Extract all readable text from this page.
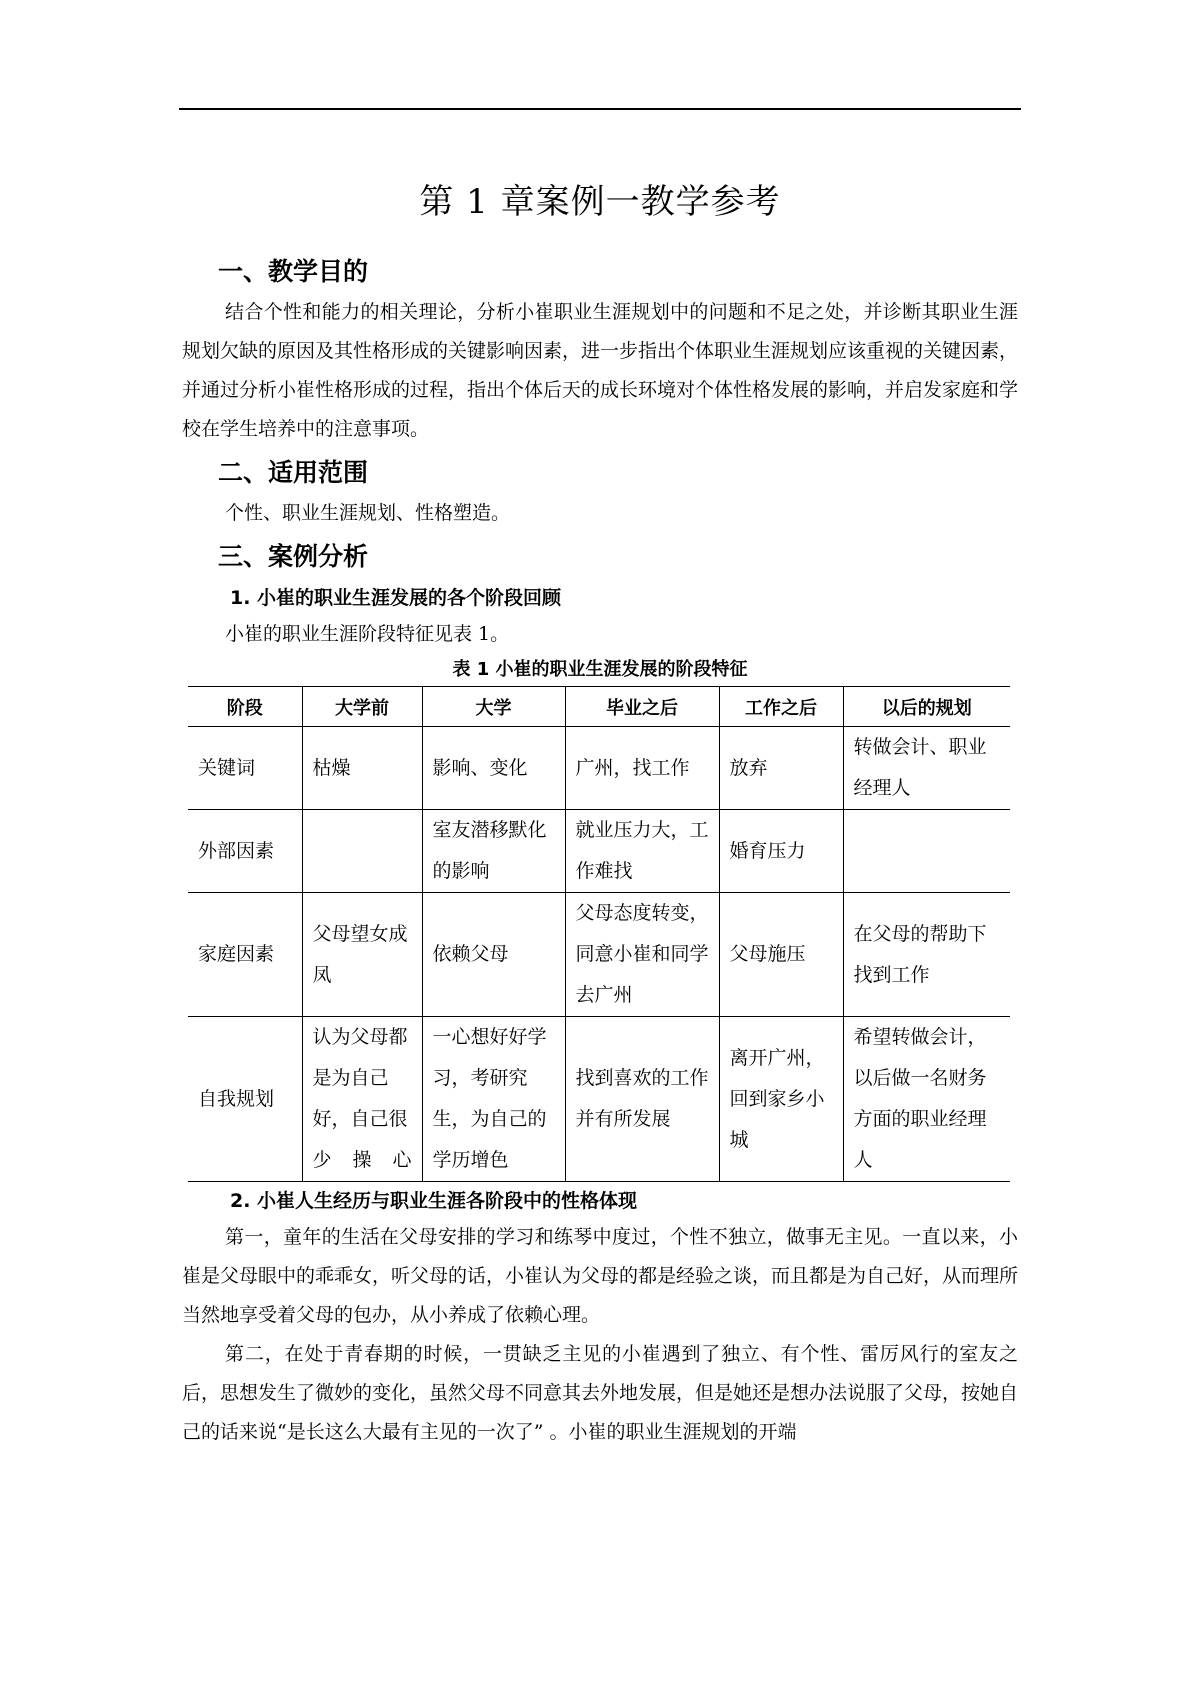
第 1 章案例一教学参考
一、教学目的

结合个性和能力的相关理论，分析小崔职业生涯规划中的问题和不足之处，并诊断其职业生涯规划欠缺的原因及其性格形成的关键影响因素，进一步指出个体职业生涯规划应该重视的关键因素，并通过分析小崔性格形成的过程，指出个体后天的成长环境对个体性格发展的影响，并启发家庭和学校在学生培养中的注意事项。

二、适用范围

个性、职业生涯规划、性格塑造。

三、案例分析
1. 小崔的职业生涯发展的各个阶段回顾

小崔的职业生涯阶段特征见表 1。

表 1 小崔的职业生涯发展的阶段特征
阶段	大学前	大学	毕业之后	工作之后	以后的规划
关键词	枯燥	影响、变化	广州，找工作	放弃	转做会计、职业经理人
外部因素		室友潜移默化的影响	就业压力大，工作难找	婚育压力	
家庭因素	父母望女成凤	依赖父母	父母态度转变，同意小崔和同学去广州	父母施压	在父母的帮助下找到工作
自我规划	认为父母都是为自己好，自己很少操心	一心想好好学习，考研究生，为自己的学历增色	找到喜欢的工作并有所发展	离开广州，回到家乡小城	希望转做会计，以后做一名财务方面的职业经理人
2. 小崔人生经历与职业生涯各阶段中的性格体现

第一，童年的生活在父母安排的学习和练琴中度过，个性不独立，做事无主见。一直以来，小崔是父母眼中的乖乖女，听父母的话，小崔认为父母的都是经验之谈，而且都是为自己好，从而理所当然地享受着父母的包办，从小养成了依赖心理。

第二，在处于青春期的时候，一贯缺乏主见的小崔遇到了独立、有个性、雷厉风行的室友之后，思想发生了微妙的变化，虽然父母不同意其去外地发展，但是她还是想办法说服了父母，按她自己的话来说“是长这么大最有主见的一次了” 。小崔的职业生涯规划的开端
